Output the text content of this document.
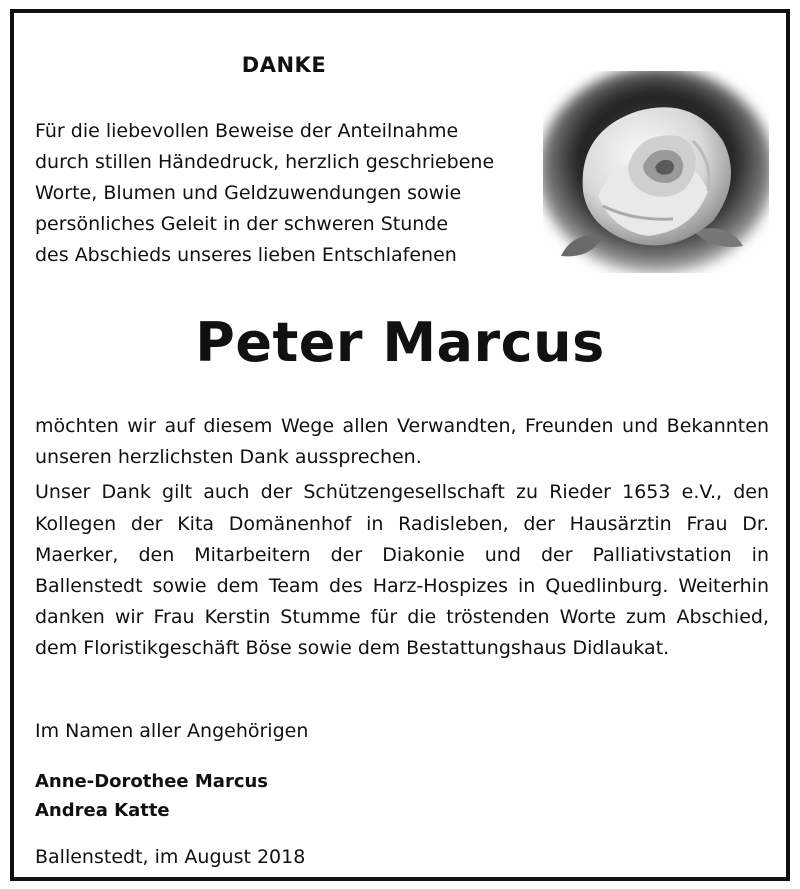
DANKE
Für die liebevollen Beweise der Anteilnahme
durch stillen Händedruck, herzlich geschriebene
Worte, Blumen und Geldzuwendungen sowie
persönliches Geleit in der schweren Stunde
des Abschieds unseres lieben Entschlafenen
Peter Marcus

möchten wir auf diesem Wege allen Verwandten, Freunden und Bekannten unseren herzlichsten Dank aussprechen.

Unser Dank gilt auch der Schützengesellschaft zu Rieder 1653 e.V., den Kollegen der Kita Domänenhof in Radisleben, der Hausärztin Frau Dr. Maerker, den Mitarbeitern der Diakonie und der Palliativstation in Ballenstedt sowie dem Team des Harz-Hospizes in Quedlinburg. Weiterhin danken wir Frau Kerstin Stumme für die tröstenden Worte zum Abschied, dem Floristikgeschäft Böse sowie dem Bestattungshaus Didlaukat.

Im Namen aller Angehörigen
Anne-Dorothee Marcus
Andrea Katte
Ballenstedt, im August 2018
